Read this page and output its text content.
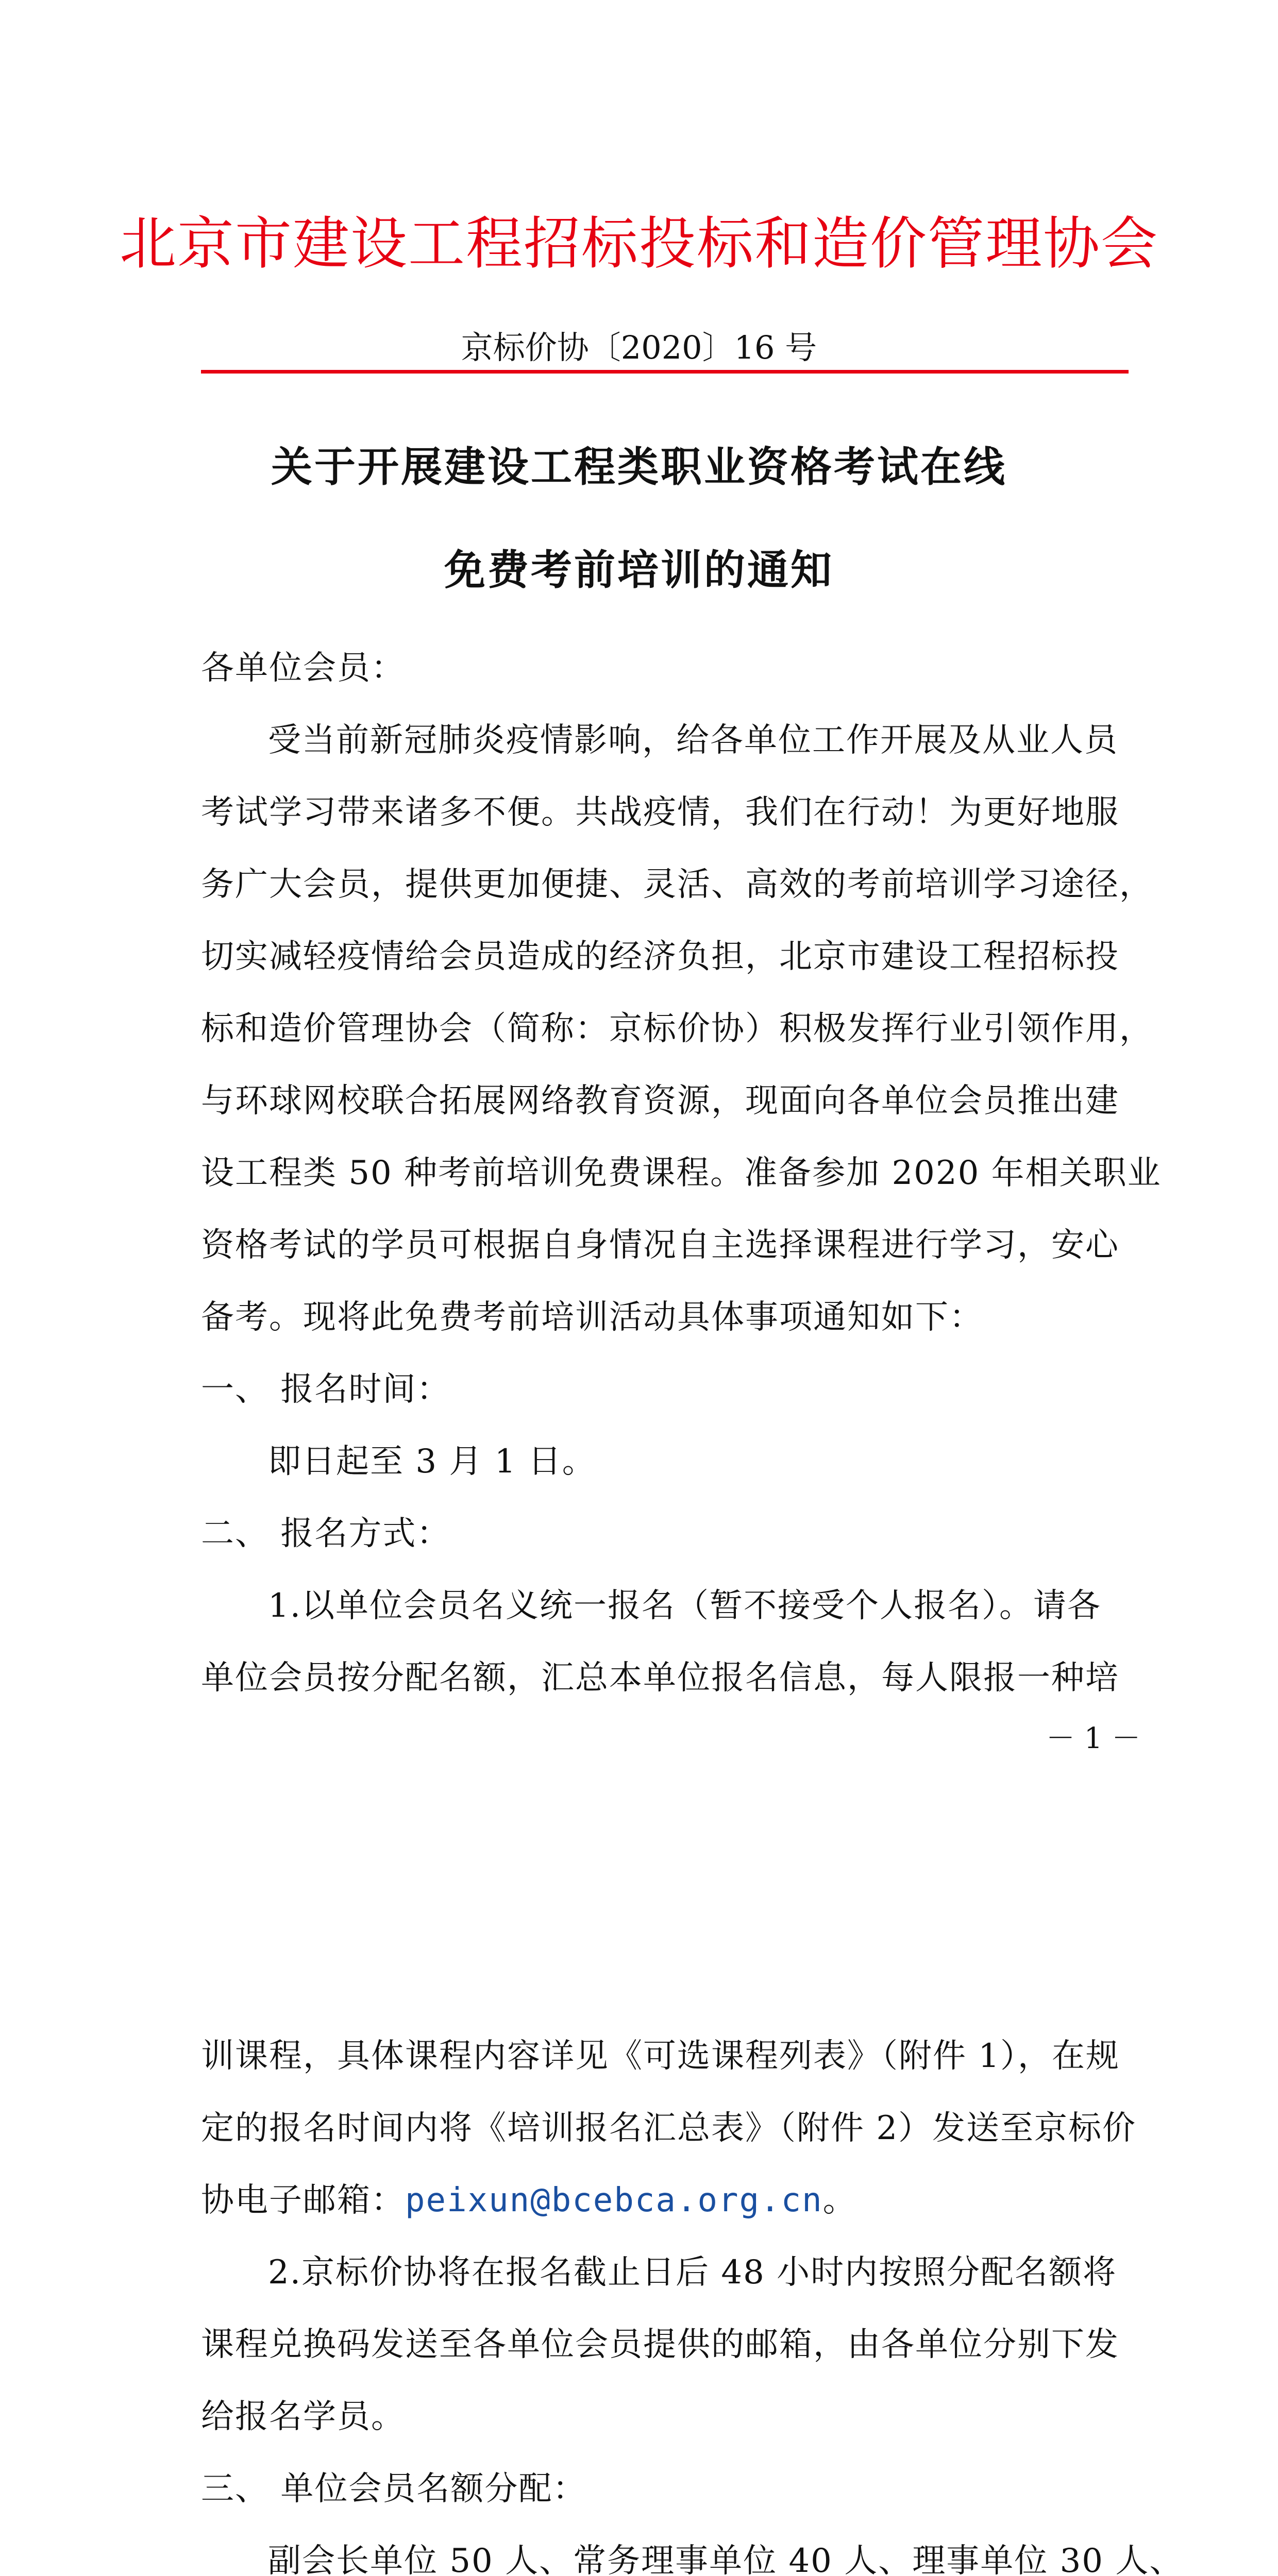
北京市建设工程招标投标和造价管理协会
京标价协〔2020〕16 号
关于开展建设工程类职业资格考试在线
免费考前培训的通知
各单位会员：
受当前新冠肺炎疫情影响，给各单位工作开展及从业人员
考试学习带来诸多不便。共战疫情，我们在行动！为更好地服
务广大会员，提供更加便捷、灵活、高效的考前培训学习途径，
切实减轻疫情给会员造成的经济负担，北京市建设工程招标投
标和造价管理协会（简称：京标价协）积极发挥行业引领作用，
与环球网校联合拓展网络教育资源，现面向各单位会员推出建
设工程类 50 种考前培训免费课程。准备参加 2020 年相关职业
资格考试的学员可根据自身情况自主选择课程进行学习，安心
备考。现将此免费考前培训活动具体事项通知如下：
一、 报名时间：
即日起至 3 月 1 日。
二、 报名方式：
1.以单位会员名义统一报名（暂不接受个人报名）。请各
单位会员按分配名额，汇总本单位报名信息，每人限报一种培
－ 1 －
训课程，具体课程内容详见《可选课程列表》（附件 1），在规
定的报名时间内将《培训报名汇总表》（附件 2）发送至京标价
协电子邮箱：peixun@bcebca.org.cn。
2.京标价协将在报名截止日后 48 小时内按照分配名额将
课程兑换码发送至各单位会员提供的邮箱，由各单位分别下发
给报名学员。
三、 单位会员名额分配：
副会长单位 50 人、常务理事单位 40 人、理事单位 30 人、
